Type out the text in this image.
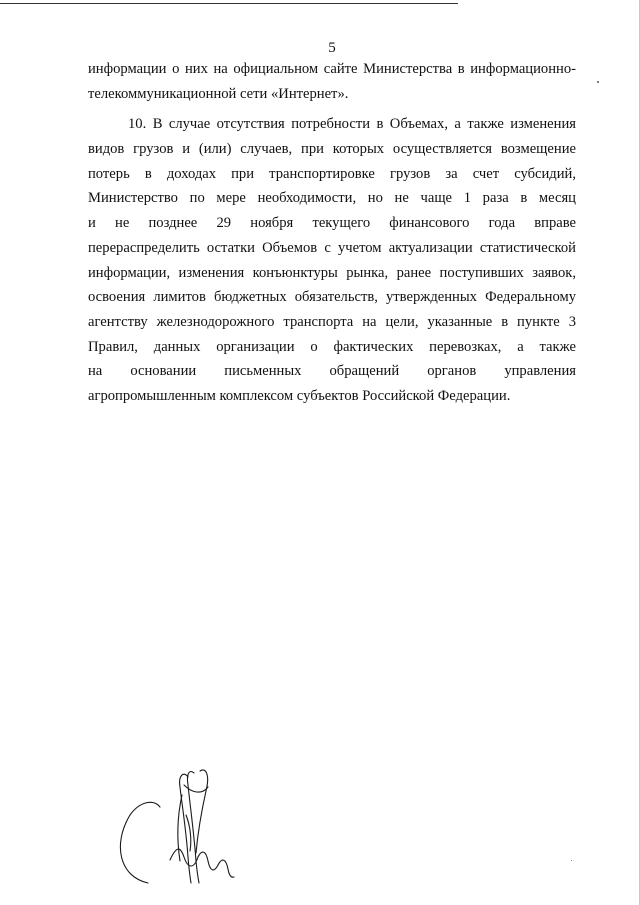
5
информации о них на официальном сайте Министерства в информационно-
телекоммуникационной сети «Интернет».
10. В случае отсутствия потребности в Объемах, а также изменения
видов грузов и (или) случаев, при которых осуществляется возмещение
потерь в доходах при транспортировке грузов за счет субсидий,
Министерство по мере необходимости, но не чаще 1 раза в месяц
и не позднее 29 ноября текущего финансового года вправе
перераспределить остатки Объемов с учетом актуализации статистической
информации, изменения конъюнктуры рынка, ранее поступивших заявок,
освоения лимитов бюджетных обязательств, утвержденных Федеральному
агентству железнодорожного транспорта на цели, указанные в пункте 3
Правил, данных организации о фактических перевозках, а также
на основании письменных обращений органов управления
агропромышленным комплексом субъектов Российской Федерации.
